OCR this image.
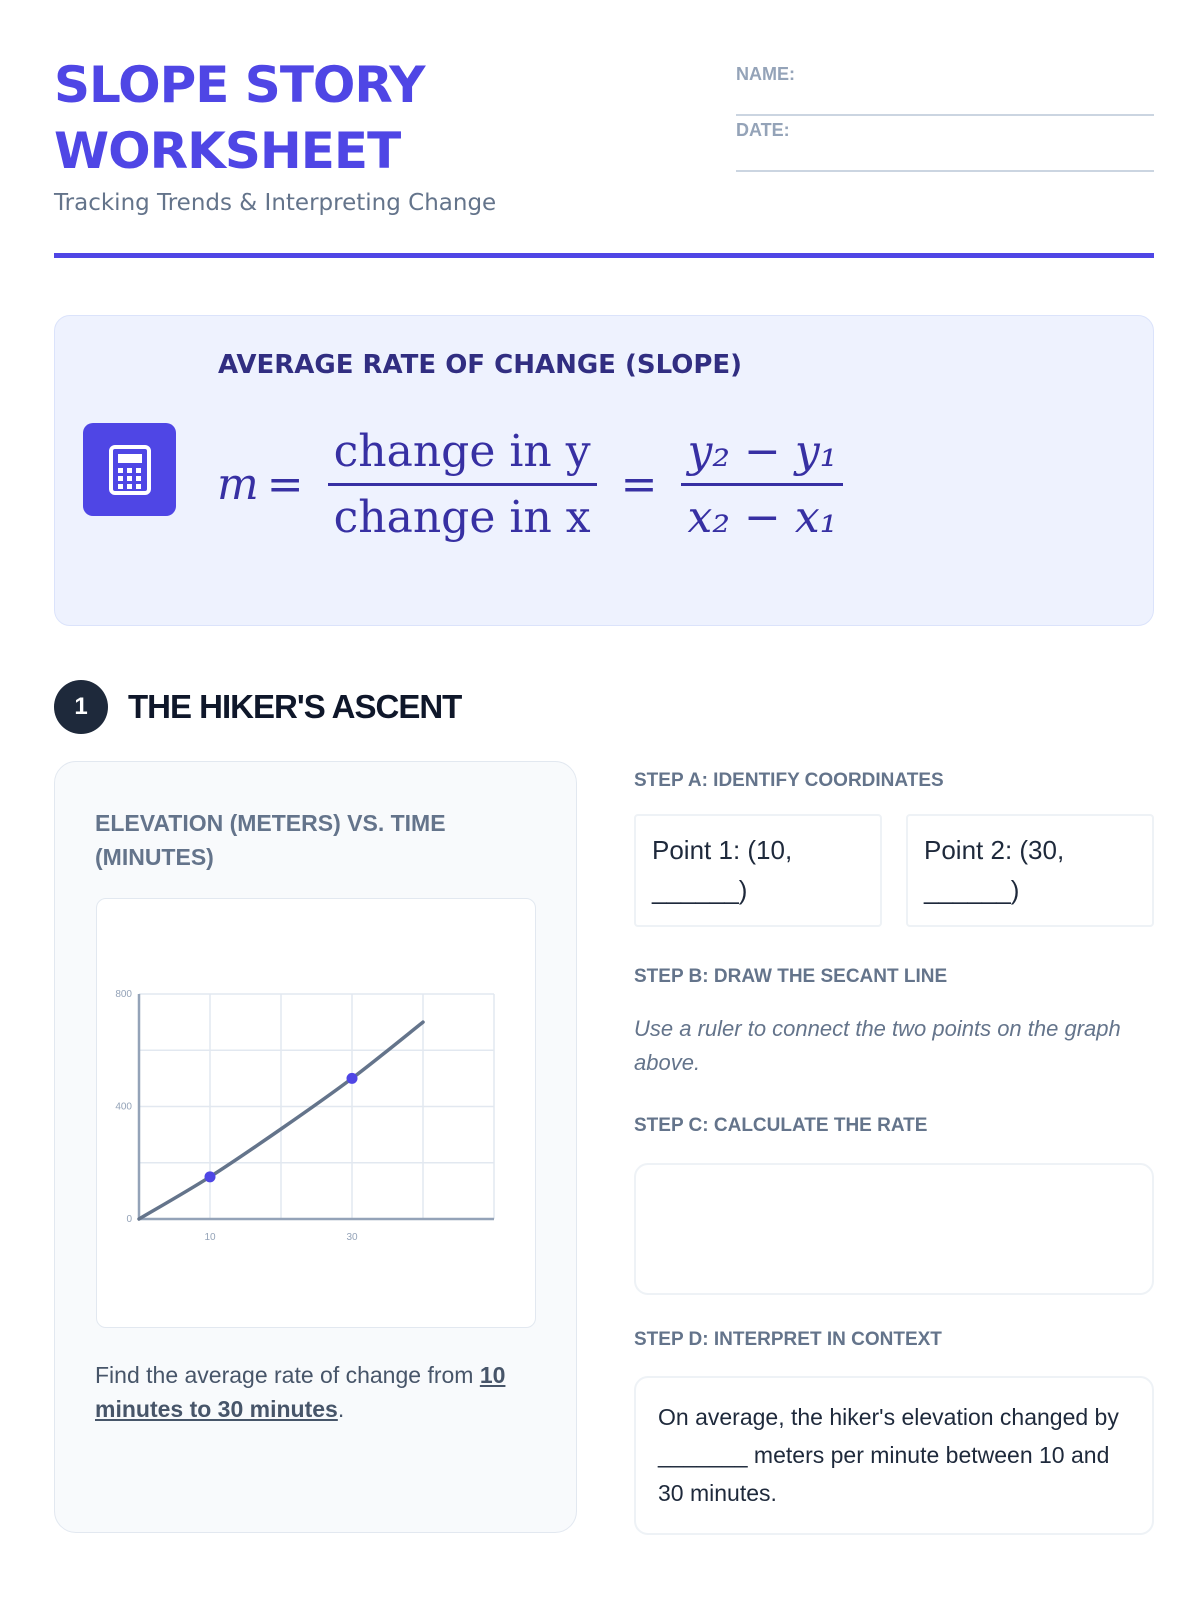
SLOPE STORY WORKSHEET
Tracking Trends & Interpreting Change
NAME:
DATE:
AVERAGE RATE OF CHANGE (SLOPE)
$m = \frac{\text{change in y}}{\text{change in x}} = \frac{\text{y₂ − y₁}}{\text{x₂ − x₁}}$
1	THE HIKER'S ASCENT
ELEVATION (METERS) VS. TIME (MINUTES)
800
400
0
10	30
Find the average rate of change from 10 minutes to 30 minutes.
STEP A: IDENTIFY COORDINATES
Point 1: (10, ______)
Point 2: (30, ______)
STEP B: DRAW THE SECANT LINE
Use a ruler to connect the two points on the graph above.
STEP C: CALCULATE THE RATE
STEP D: INTERPRET IN CONTEXT
On average, the hiker's elevation changed by _______ meters per minute between 10 and 30 minutes.
